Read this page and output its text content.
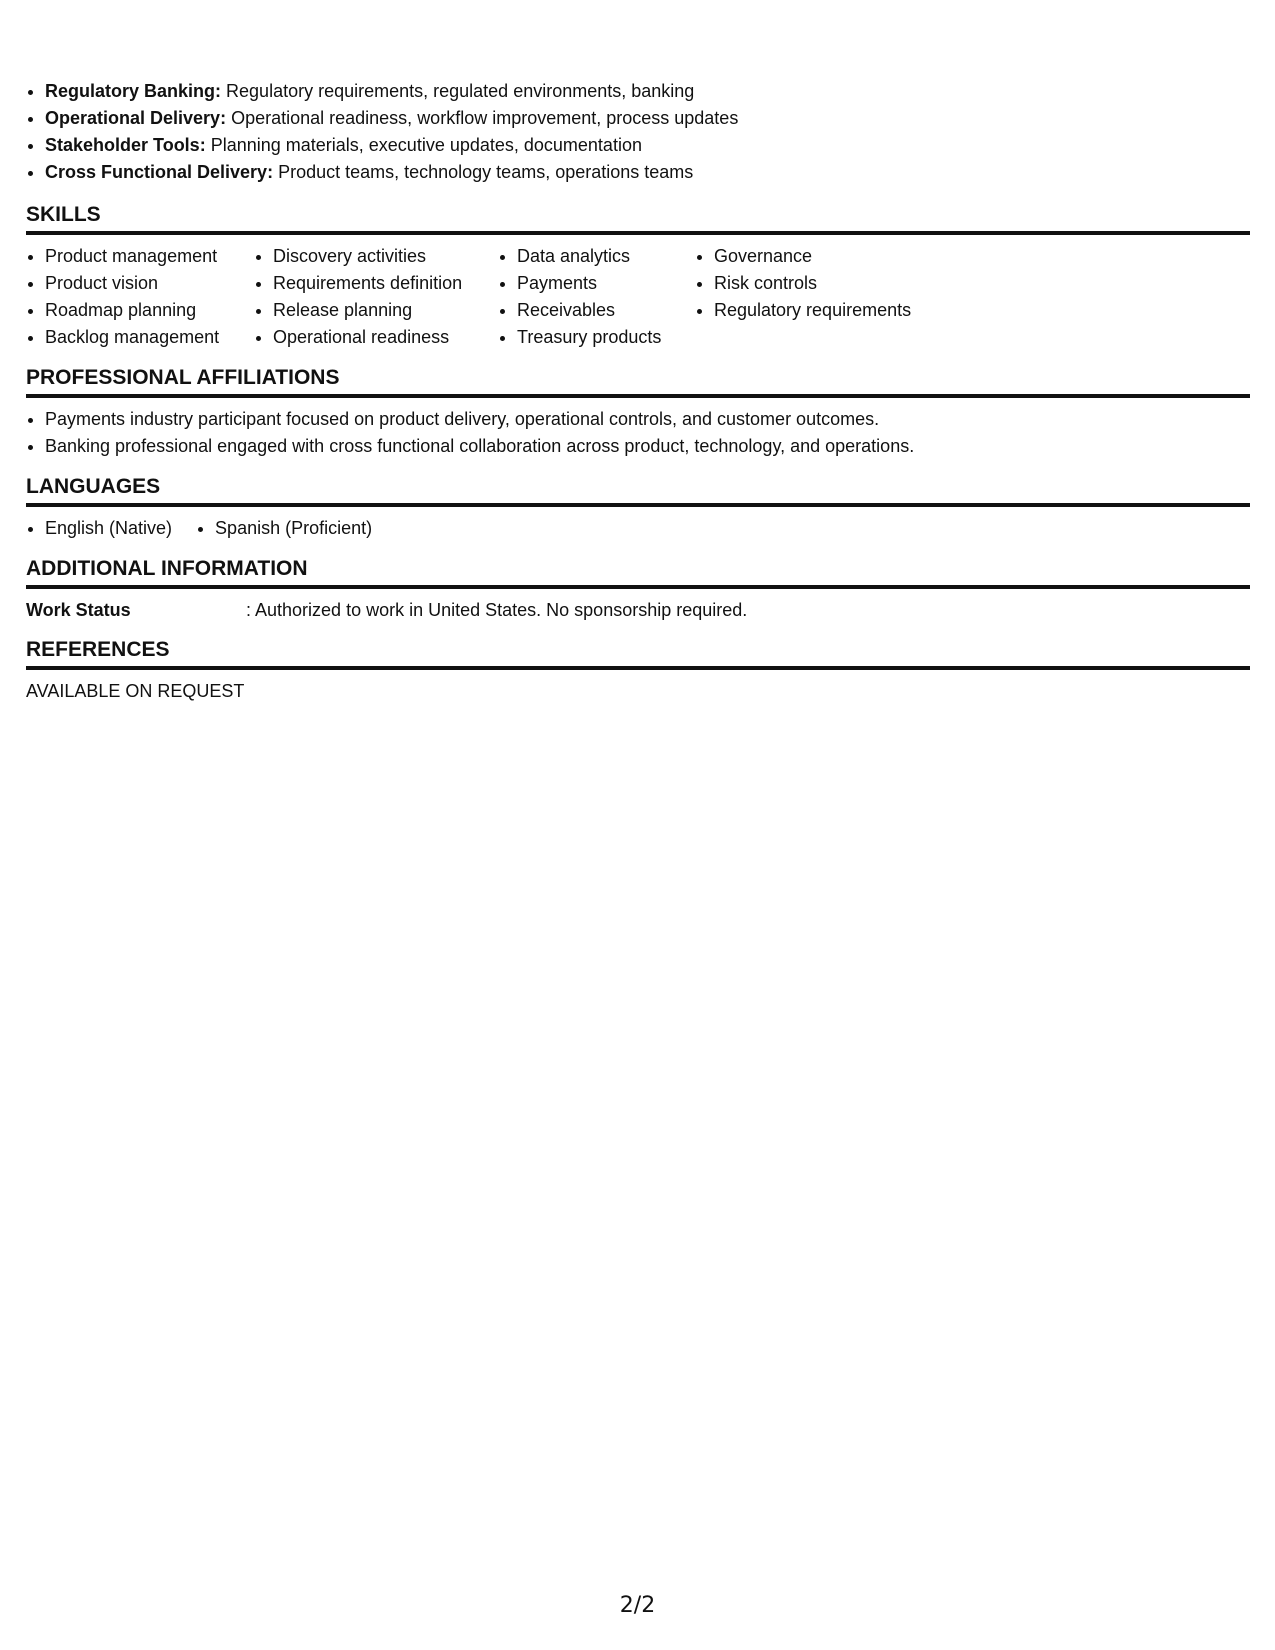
Regulatory Banking: Regulatory requirements, regulated environments, banking
Operational Delivery: Operational readiness, workflow improvement, process updates
Stakeholder Tools: Planning materials, executive updates, documentation
Cross Functional Delivery: Product teams, technology teams, operations teams
SKILLS
Product management
Product vision
Roadmap planning
Backlog management
Discovery activities
Requirements definition
Release planning
Operational readiness
Data analytics
Payments
Receivables
Treasury products
Governance
Risk controls
Regulatory requirements
PROFESSIONAL AFFILIATIONS
Payments industry participant focused on product delivery, operational controls, and customer outcomes.
Banking professional engaged with cross functional collaboration across product, technology, and operations.
LANGUAGES
English (Native)	Spanish (Proficient)
ADDITIONAL INFORMATION
Work Status	: Authorized to work in United States. No sponsorship required.
REFERENCES
AVAILABLE ON REQUEST
2/2
